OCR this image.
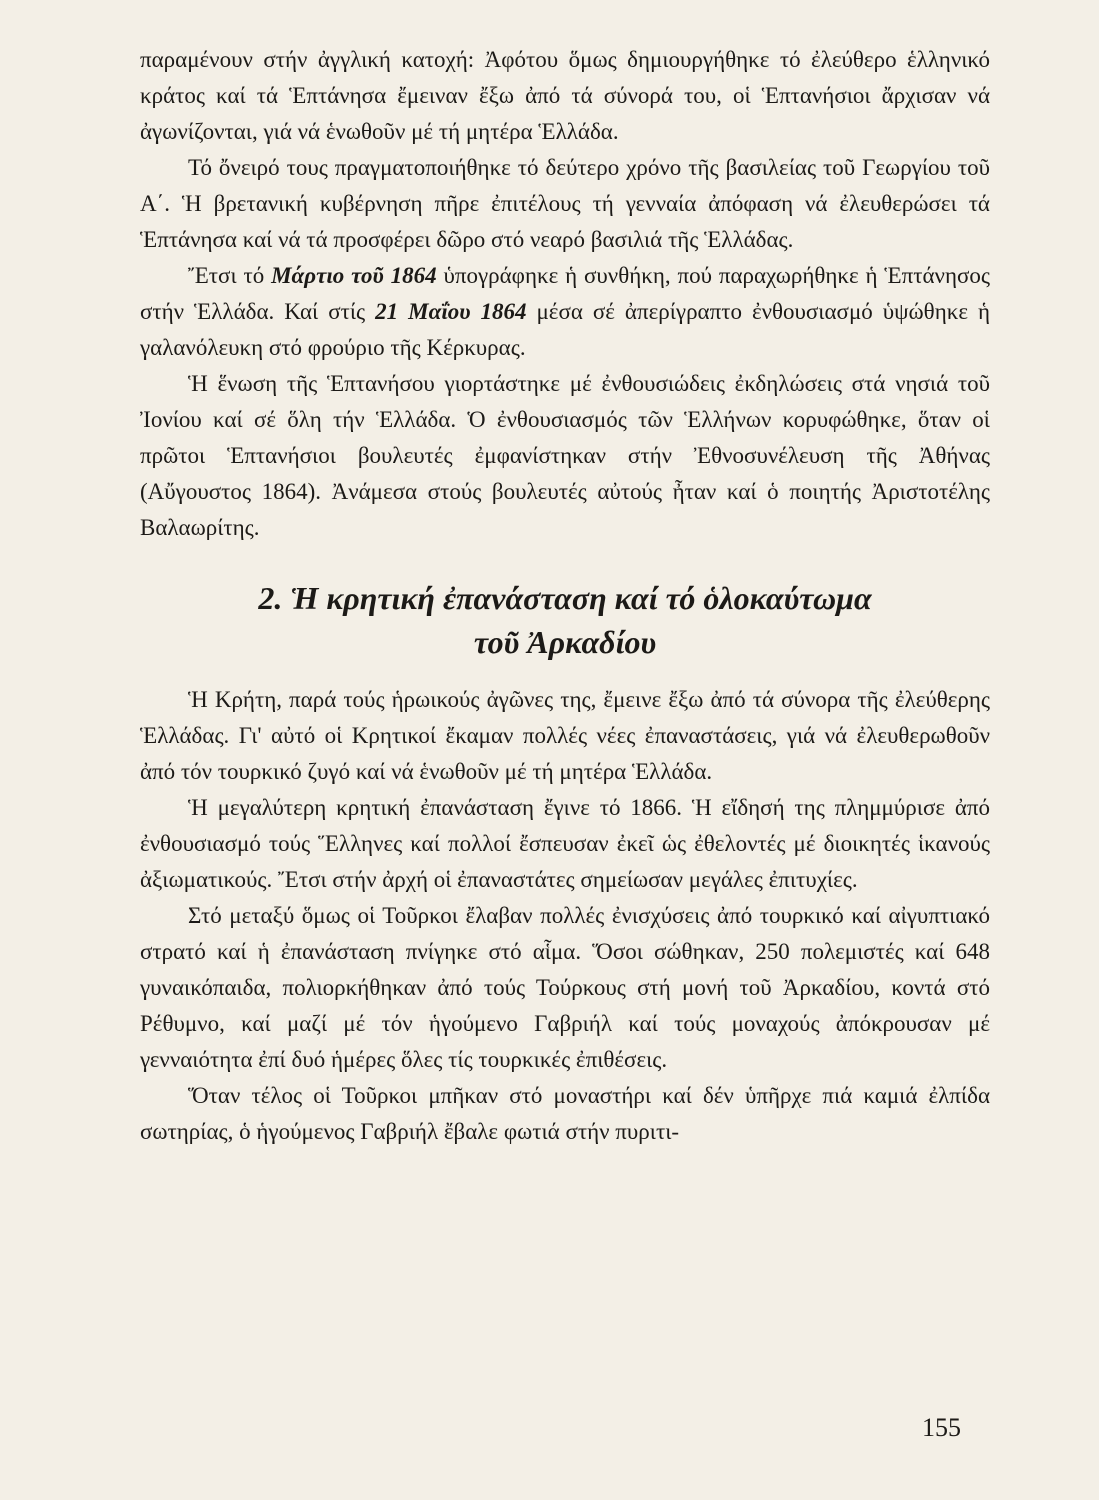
παραμένουν στήν ἀγγλική κατοχή: Ἀφότου ὅμως δημιουργήθηκε τό ἐλεύθερο ἑλληνικό κράτος καί τά Ἑπτάνησα ἔμειναν ἔξω ἀπό τά σύνορά του, οἱ Ἑπτανήσιοι ἄρχισαν νά ἀγωνίζονται, γιά νά ἑνωθοῦν μέ τή μητέρα Ἑλλάδα.

Τό ὄνειρό τους πραγματοποιήθηκε τό δεύτερο χρόνο τῆς βασιλείας τοῦ Γεωργίου τοῦ Α΄. Ἡ βρετανική κυβέρνηση πῆρε ἐπιτέλους τή γενναία ἀπόφαση νά ἐλευθερώσει τά Ἑπτάνησα καί νά τά προσφέρει δῶρο στό νεαρό βασιλιά τῆς Ἑλλάδας.

Ἔτσι τό Μάρτιο τοῦ 1864 ὑπογράφηκε ἡ συνθήκη, πού παραχωρήθηκε ἡ Ἑπτάνησος στήν Ἑλλάδα. Καί στίς 21 Μαΐου 1864 μέσα σέ ἀπερίγραπτο ἐνθουσιασμό ὑψώθηκε ἡ γαλανόλευκη στό φρούριο τῆς Κέρκυρας.

Ἡ ἕνωση τῆς Ἑπτανήσου γιορτάστηκε μέ ἐνθουσιώδεις ἐκδηλώσεις στά νησιά τοῦ Ἰονίου καί σέ ὅλη τήν Ἑλλάδα. Ὁ ἐνθουσιασμός τῶν Ἑλλήνων κορυφώθηκε, ὅταν οἱ πρῶτοι Ἑπτανήσιοι βουλευτές ἐμφανίστηκαν στήν Ἐθνοσυνέλευση τῆς Ἀθήνας (Αὔγουστος 1864). Ἀνάμεσα στούς βουλευτές αὐτούς ἦταν καί ὁ ποιητής Ἀριστοτέλης Βαλαωρίτης.

2. Ἡ κρητική ἐπανάσταση καί τό ὁλοκαύτωμα
τοῦ Ἀρκαδίου

Ἡ Κρήτη, παρά τούς ἡρωικούς ἀγῶνες της, ἔμεινε ἔξω ἀπό τά σύνορα τῆς ἐλεύθερης Ἑλλάδας. Γι' αὐτό οἱ Κρητικοί ἔκαμαν πολλές νέες ἐπαναστάσεις, γιά νά ἐλευθερωθοῦν ἀπό τόν τουρκικό ζυγό καί νά ἑνωθοῦν μέ τή μητέρα Ἑλλάδα.

Ἡ μεγαλύτερη κρητική ἐπανάσταση ἔγινε τό 1866. Ἡ εἴδησή της πλημμύρισε ἀπό ἐνθουσιασμό τούς Ἕλληνες καί πολλοί ἔσπευσαν ἐκεῖ ὡς ἐθελοντές μέ διοικητές ἱκανούς ἀξιωματικούς. Ἔτσι στήν ἀρχή οἱ ἐπαναστάτες σημείωσαν μεγάλες ἐπιτυχίες.

Στό μεταξύ ὅμως οἱ Τοῦρκοι ἔλαβαν πολλές ἐνισχύσεις ἀπό τουρκικό καί αἰγυπτιακό στρατό καί ἡ ἐπανάσταση πνίγηκε στό αἷμα. Ὅσοι σώθηκαν, 250 πολεμιστές καί 648 γυναικόπαιδα, πολιορκήθηκαν ἀπό τούς Τούρκους στή μονή τοῦ Ἀρκαδίου, κοντά στό Ρέθυμνο, καί μαζί μέ τόν ἡγούμενο Γαβριήλ καί τούς μοναχούς ἀπόκρουσαν μέ γενναιότητα ἐπί δυό ἡμέρες ὅλες τίς τουρκικές ἐπιθέσεις.

Ὅταν τέλος οἱ Τοῦρκοι μπῆκαν στό μοναστήρι καί δέν ὑπῆρχε πιά καμιά ἐλπίδα σωτηρίας, ὁ ἡγούμενος Γαβριήλ ἔβαλε φωτιά στήν πυριτι-

155
